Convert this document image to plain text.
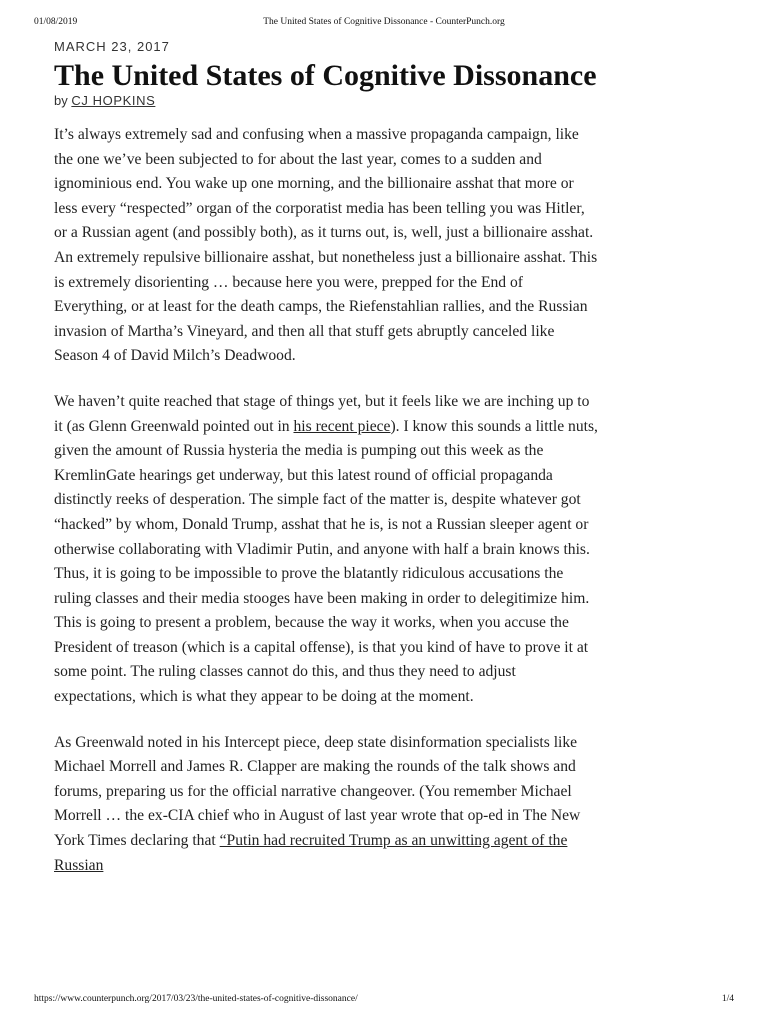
01/08/2019	The United States of Cognitive Dissonance - CounterPunch.org
MARCH 23, 2017
The United States of Cognitive Dissonance
by CJ HOPKINS

It’s always extremely sad and confusing when a massive propaganda campaign, like the one we’ve been subjected to for about the last year, comes to a sudden and ignominious end. You wake up one morning, and the billionaire asshat that more or less every “respected” organ of the corporatist media has been telling you was Hitler, or a Russian agent (and possibly both), as it turns out, is, well, just a billionaire asshat. An extremely repulsive billionaire asshat, but nonetheless just a billionaire asshat. This is extremely disorienting … because here you were, prepped for the End of Everything, or at least for the death camps, the Riefenstahlian rallies, and the Russian invasion of Martha’s Vineyard, and then all that stuff gets abruptly canceled like Season 4 of David Milch’s Deadwood.

We haven’t quite reached that stage of things yet, but it feels like we are inching up to it (as Glenn Greenwald pointed out in his recent piece). I know this sounds a little nuts, given the amount of Russia hysteria the media is pumping out this week as the KremlinGate hearings get underway, but this latest round of official propaganda distinctly reeks of desperation. The simple fact of the matter is, despite whatever got “hacked” by whom, Donald Trump, asshat that he is, is not a Russian sleeper agent or otherwise collaborating with Vladimir Putin, and anyone with half a brain knows this. Thus, it is going to be impossible to prove the blatantly ridiculous accusations the ruling classes and their media stooges have been making in order to delegitimize him. This is going to present a problem, because the way it works, when you accuse the President of treason (which is a capital offense), is that you kind of have to prove it at some point. The ruling classes cannot do this, and thus they need to adjust expectations, which is what they appear to be doing at the moment.

As Greenwald noted in his Intercept piece, deep state disinformation specialists like Michael Morrell and James R. Clapper are making the rounds of the talk shows and forums, preparing us for the official narrative changeover. (You remember Michael Morrell … the ex-CIA chief who in August of last year wrote that op-ed in The New York Times declaring that “Putin had recruited Trump as an unwitting agent of the Russian

https://www.counterpunch.org/2017/03/23/the-united-states-of-cognitive-dissonance/	1/4
